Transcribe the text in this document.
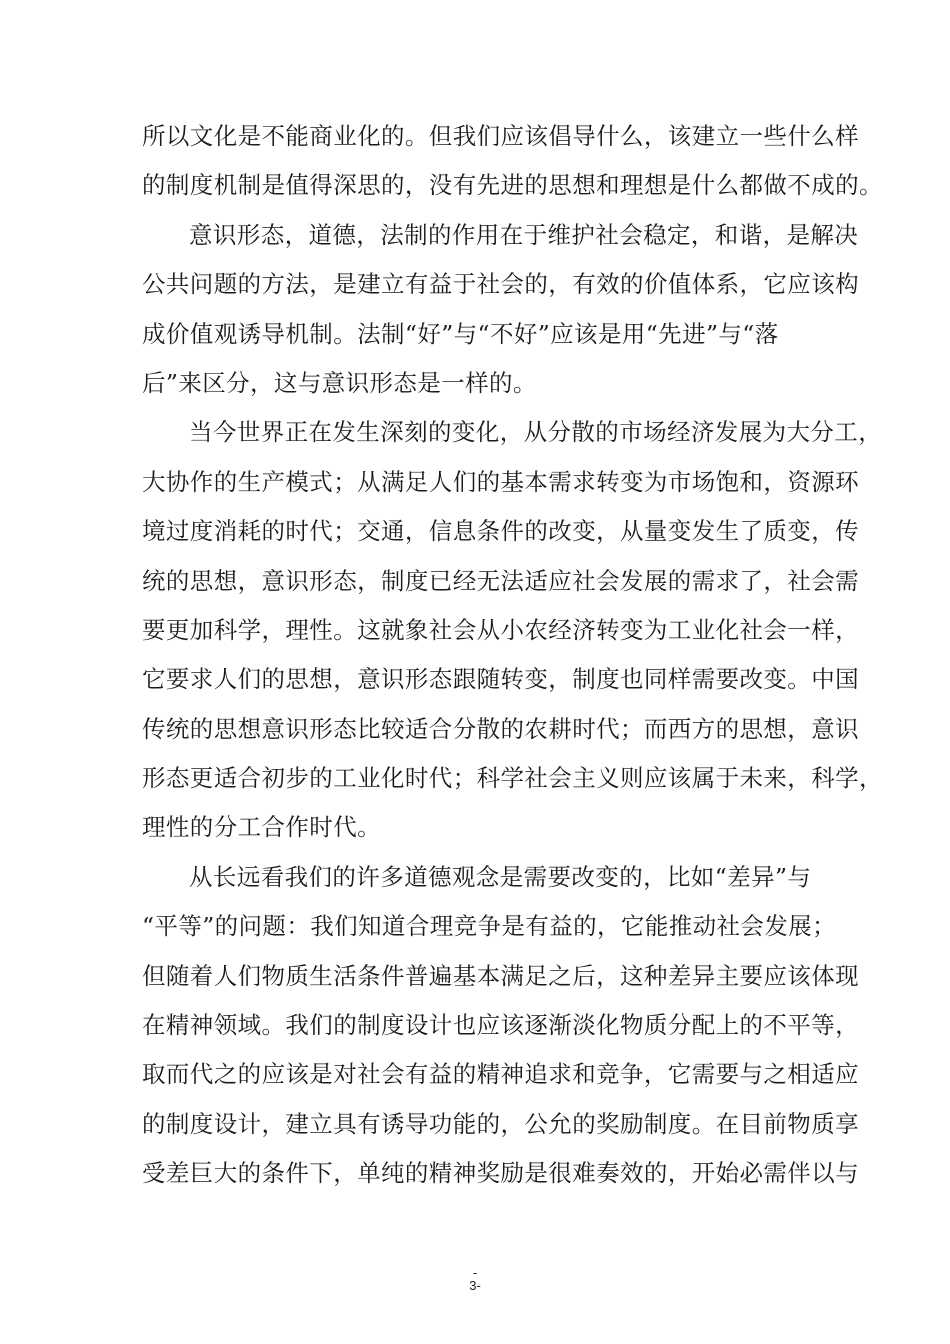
所以文化是不能商业化的。但我们应该倡导什么，该建立一些什么样
的制度机制是值得深思的，没有先进的思想和理想是什么都做不成的。
意识形态，道德，法制的作用在于维护社会稳定，和谐，是解决
公共问题的方法，是建立有益于社会的，有效的价值体系，它应该构
成价值观诱导机制。法制“好”与“不好”应该是用“先进”与“落
后”来区分，这与意识形态是一样的。
当今世界正在发生深刻的变化，从分散的市场经济发展为大分工，
大协作的生产模式；从满足人们的基本需求转变为市场饱和，资源环
境过度消耗的时代；交通，信息条件的改变，从量变发生了质变，传
统的思想，意识形态，制度已经无法适应社会发展的需求了，社会需
要更加科学，理性。这就象社会从小农经济转变为工业化社会一样，
它要求人们的思想，意识形态跟随转变，制度也同样需要改变。中国
传统的思想意识形态比较适合分散的农耕时代；而西方的思想，意识
形态更适合初步的工业化时代；科学社会主义则应该属于未来，科学，
理性的分工合作时代。
从长远看我们的许多道德观念是需要改变的，比如“差异”与
“平等”的问题：我们知道合理竞争是有益的，它能推动社会发展；
但随着人们物质生活条件普遍基本满足之后，这种差异主要应该体现
在精神领域。我们的制度设计也应该逐渐淡化物质分配上的不平等，
取而代之的应该是对社会有益的精神追求和竞争，它需要与之相适应
的制度设计，建立具有诱导功能的，公允的奖励制度。在目前物质享
受差巨大的条件下，单纯的精神奖励是很难奏效的，开始必需伴以与
-
3-
